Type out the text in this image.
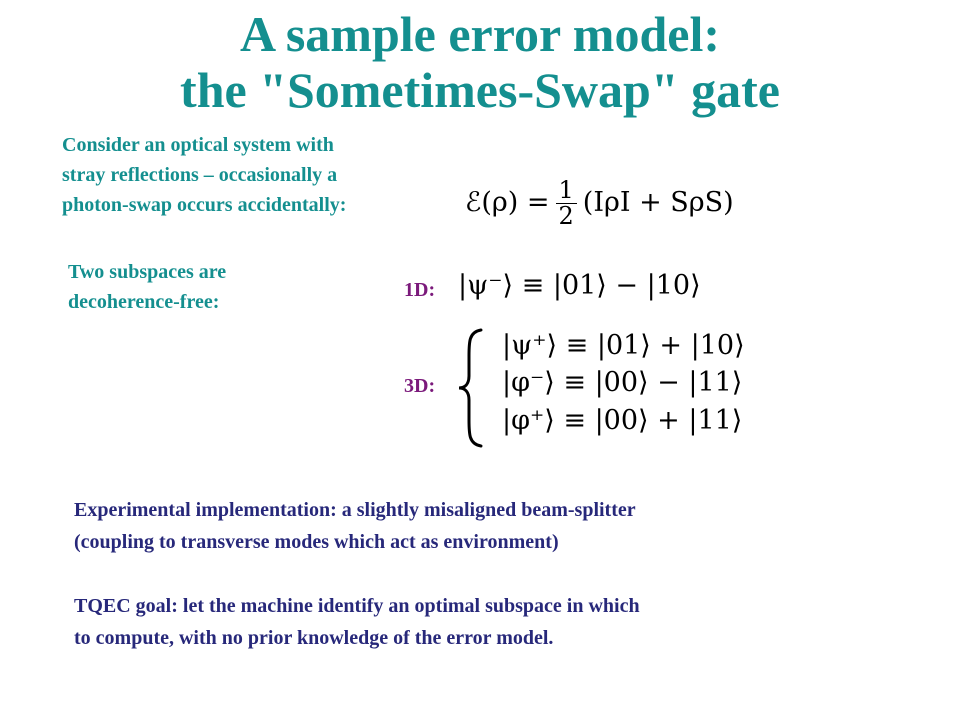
A sample error model:
the "Sometimes-Swap" gate
Consider an optical system with
stray reflections – occasionally a
photon-swap occurs accidentally:	ℰ(ρ) = $\frac{1}{2} (I\rho I + S\rho S)$
Two subspaces are
decoherence-free:
1D: |ψ⁻⟩ ≡ |01⟩ − |10⟩
3D:
|ψ⁺⟩ ≡ |01⟩ + |10⟩
|φ⁻⟩ ≡ |00⟩ − |11⟩
|φ⁺⟩ ≡ |00⟩ + |11⟩
Experimental implementation: a slightly misaligned beam-splitter
(coupling to transverse modes which act as environment)
TQEC goal: let the machine identify an optimal subspace in which
to compute, with no prior knowledge of the error model.
